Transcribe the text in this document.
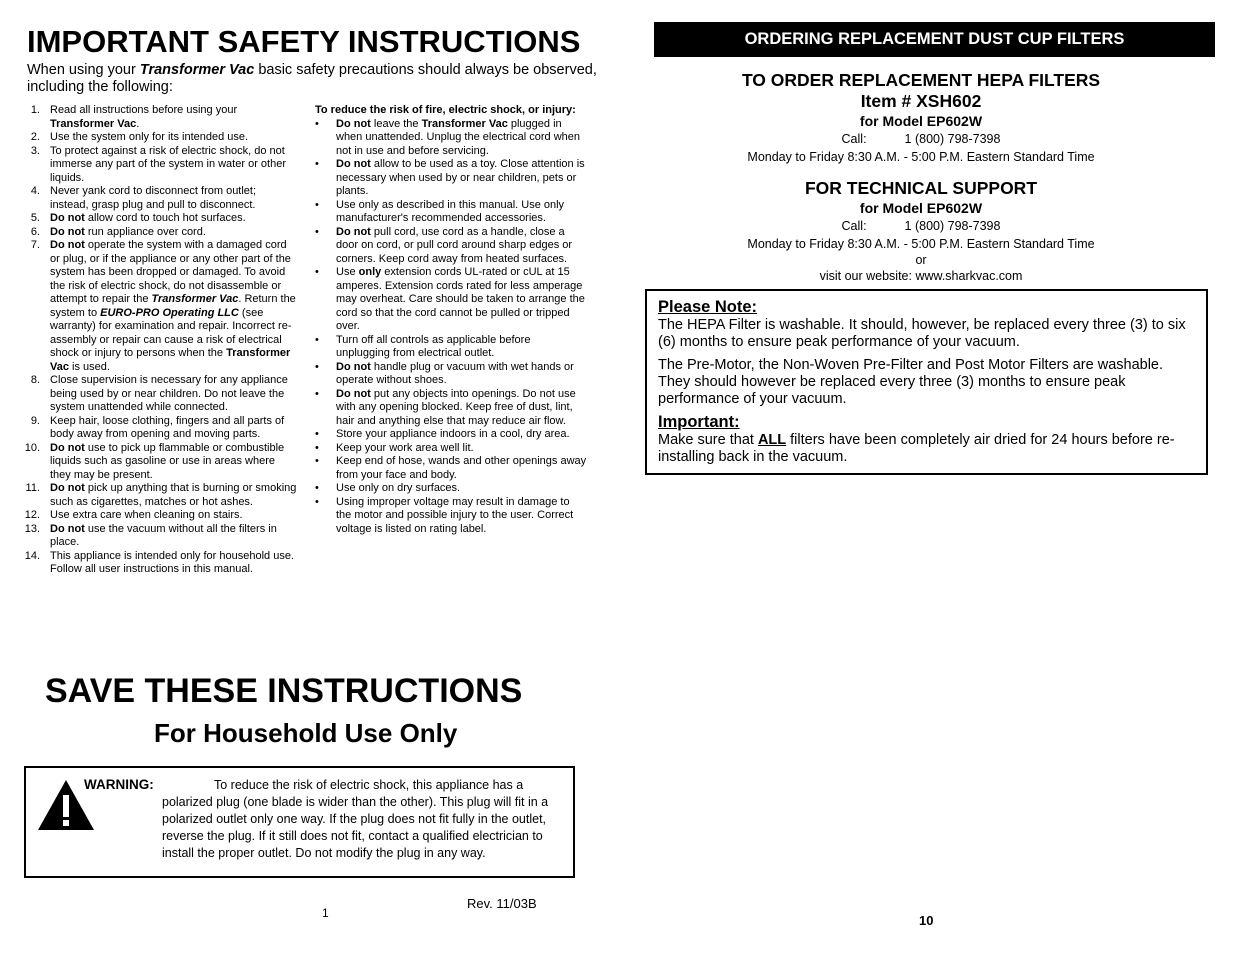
IMPORTANT SAFETY INSTRUCTIONS
When using your Transformer Vac basic safety precautions should always be observed, including the following:
1. Read all instructions before using your Transformer Vac.
2. Use the system only for its intended use.
3. To protect against a risk of electric shock, do not immerse any part of the system in water or other liquids.
4. Never yank cord to disconnect from outlet; instead, grasp plug and pull to disconnect.
5. Do not allow cord to touch hot surfaces.
6. Do not run appliance over cord.
7. Do not operate the system with a damaged cord or plug, or if the appliance or any other part of the system has been dropped or damaged. To avoid the risk of electric shock, do not disassemble or attempt to repair the Transformer Vac. Return the system to EURO-PRO Operating LLC (see warranty) for examination and repair. Incorrect re-assembly or repair can cause a risk of electrical shock or injury to persons when the Transformer Vac is used.
8. Close supervision is necessary for any appliance being used by or near children. Do not leave the system unattended while connected.
9. Keep hair, loose clothing, fingers and all parts of body away from opening and moving parts.
10. Do not use to pick up flammable or combustible liquids such as gasoline or use in areas where they may be present.
11. Do not pick up anything that is burning or smoking such as cigarettes, matches or hot ashes.
12. Use extra care when cleaning on stairs.
13. Do not use the vacuum without all the filters in place.
14. This appliance is intended only for household use. Follow all user instructions in this manual.
To reduce the risk of fire, electric shock, or injury:
• Do not leave the Transformer Vac plugged in when unattended. Unplug the electrical cord when not in use and before servicing.
• Do not allow to be used as a toy. Close attention is necessary when used by or near children, pets or plants.
• Use only as described in this manual. Use only manufacturer's recommended accessories.
• Do not pull cord, use cord as a handle, close a door on cord, or pull cord around sharp edges or corners. Keep cord away from heated surfaces.
• Use only extension cords UL-rated or cUL at 15 amperes. Extension cords rated for less amperage may overheat. Care should be taken to arrange the cord so that the cord cannot be pulled or tripped over.
• Turn off all controls as applicable before unplugging from electrical outlet.
• Do not handle plug or vacuum with wet hands or operate without shoes.
• Do not put any objects into openings. Do not use with any opening blocked. Keep free of dust, lint, hair and anything else that may reduce air flow.
• Store your appliance indoors in a cool, dry area.
• Keep your work area well lit.
• Keep end of hose, wands and other openings away from your face and body.
• Use only on dry surfaces.
• Using improper voltage may result in damage to the motor and possible injury to the user. Correct voltage is listed on rating label.
SAVE THESE INSTRUCTIONS
For Household Use Only
WARNING:	To reduce the risk of electric shock, this appliance has a polarized plug (one blade is wider than the other). This plug will fit in a polarized outlet only one way. If the plug does not fit fully in the outlet, reverse the plug. If it still does not fit, contact a qualified electrician to install the proper outlet. Do not modify the plug in any way.
Rev. 11/03B
1
ORDERING REPLACEMENT DUST CUP FILTERS
TO ORDER REPLACEMENT HEPA FILTERS
Item # XSH602
for Model EP602W
Call:	1 (800) 798-7398
Monday to Friday 8:30 A.M. - 5:00 P.M. Eastern Standard Time
FOR TECHNICAL SUPPORT
for Model EP602W
Call:	1 (800) 798-7398
Monday to Friday 8:30 A.M. - 5:00 P.M. Eastern Standard Time
or
visit our website: www.sharkvac.com
Please Note:
The HEPA Filter is washable. It should, however, be replaced every three (3) to six (6) months to ensure peak performance of your vacuum.
The Pre-Motor, the Non-Woven Pre-Filter and Post Motor Filters are washable. They should however be replaced every three (3) months to ensure peak performance of your vacuum.
Important:
Make sure that ALL filters have been completely air dried for 24 hours before re-installing back in the vacuum.
10
